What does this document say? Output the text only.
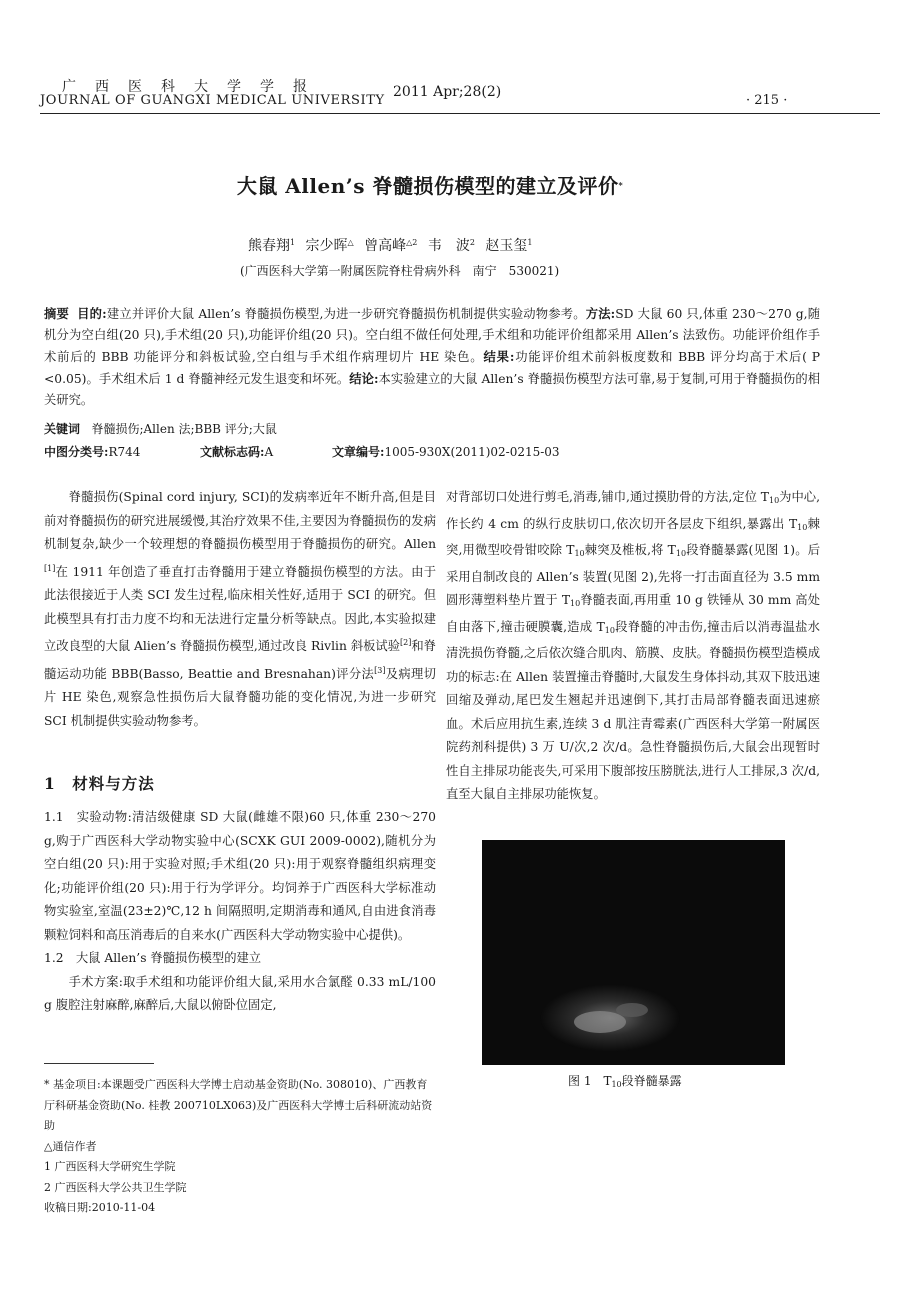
广西医科大学学报
JOURNAL OF GUANGXI MEDICAL UNIVERSITY
2011 Apr;28(2)
· 215 ·
大鼠 Allen’s 脊髓损伤模型的建立及评价*
熊春翔$^1$ 宗少晖△ 曾高峰$^{\triangle 2}$ 韦　波$^2$ 赵玉玺$^1$
(广西医科大学第一附属医院脊柱骨病外科　南宁　530021)
摘要 目的:建立并评价大鼠 Allen’s 脊髓损伤模型,为进一步研究脊髓损伤机制提供实验动物参考。方法:SD 大鼠 60 只,体重 230～270 g,随机分为空白组(20 只),手术组(20 只),功能评价组(20 只)。空白组不做任何处理,手术组和功能评价组都采用 Allen’s 法致伤。功能评价组作手术前后的 BBB 功能评分和斜板试验,空白组与手术组作病理切片 HE 染色。结果:功能评价组术前斜板度数和 BBB 评分均高于术后( P <0.05)。手术组术后 1 d 脊髓神经元发生退变和坏死。结论:本实验建立的大鼠 Allen’s 脊髓损伤模型方法可靠,易于复制,可用于脊髓损伤的相关研究。
关键词 脊髓损伤;Allen 法;BBB 评分;大鼠
中图分类号:R744	文献标志码:A	文章编号:1005-930X(2011)02-0215-03

脊髓损伤(Spinal cord injury, SCI)的发病率近年不断升高,但是目前对脊髓损伤的研究进展缓慢,其治疗效果不佳,主要因为脊髓损伤的发病机制复杂,缺少一个较理想的脊髓损伤模型用于脊髓损伤的研究。Allen [1]在 1911 年创造了垂直打击脊髓用于建立脊髓损伤模型的方法。由于此法很接近于人类 SCI 发生过程,临床相关性好,适用于 SCI 的研究。但此模型具有打击力度不均和无法进行定量分析等缺点。因此,本实验拟建立改良型的大鼠 Alien’s 脊髓损伤模型,通过改良 Rivlin 斜板试验[2]和脊髓运动功能 BBB(Basso, Beattie and Bresnahan)评分法[3]及病理切片 HE 染色,观察急性损伤后大鼠脊髓功能的变化情况,为进一步研究 SCI 机制提供实验动物参考。

1　材料与方法

1.1　实验动物:清洁级健康 SD 大鼠(雌雄不限)60 只,体重 230～270 g,购于广西医科大学动物实验中心(SCXK GUI 2009-0002),随机分为空白组(20 只):用于实验对照;手术组(20 只):用于观察脊髓组织病理变化;功能评价组(20 只):用于行为学评分。均饲养于广西医科大学标准动物实验室,室温(23±2)℃,12 h 间隔照明,定期消毒和通风,自由进食消毒颗粒饲料和高压消毒后的自来水(广西医科大学动物实验中心提供)。

1.2　大鼠 Allen’s 脊髓损伤模型的建立

手术方案:取手术组和功能评价组大鼠,采用水合氯醛 0.33 mL/100 g 腹腔注射麻醉,麻醉后,大鼠以俯卧位固定,

* 基金项目:本课题受广西医科大学博士启动基金资助(No. 308010)、广西教育厅科研基金资助(No. 桂教 200710LX063)及广西医科大学博士后科研流动站资助
△通信作者
1 广西医科大学研究生学院
2 广西医科大学公共卫生学院
收稿日期:2010-11-04

对背部切口处进行剪毛,消毒,铺巾,通过摸肋骨的方法,定位 $T_{10}$为中心,作长约 4 cm 的纵行皮肤切口,依次切开各层皮下组织,暴露出 $T_{10}$棘突,用微型咬骨钳咬除 $T_{10}$棘突及椎板,将 $T_{10}$段脊髓暴露(见图 1)。后采用自制改良的 Allen’s 装置(见图 2),先将一打击面直径为 3.5 mm 圆形薄塑料垫片置于 $T_{10}$脊髓表面,再用重 10 g 铁锤从 30 mm 高处自由落下,撞击硬膜囊,造成 $T_{10}$段脊髓的冲击伤,撞击后以消毒温盐水清洗损伤脊髓,之后依次缝合肌肉、筋膜、皮肤。脊髓损伤模型造模成功的标志:在 Allen 装置撞击脊髓时,大鼠发生身体抖动,其双下肢迅速回缩及弹动,尾巴发生翘起并迅速倒下,其打击局部脊髓表面迅速瘀血。术后应用抗生素,连续 3 d 肌注青霉素(广西医科大学第一附属医院药剂科提供) 3 万 U/次,2 次/d。急性脊髓损伤后,大鼠会出现暂时性自主排尿功能丧失,可采用下腹部按压膀胱法,进行人工排尿,3 次/d,直至大鼠自主排尿功能恢复。

图 1　$T_{10}$段脊髓暴露
